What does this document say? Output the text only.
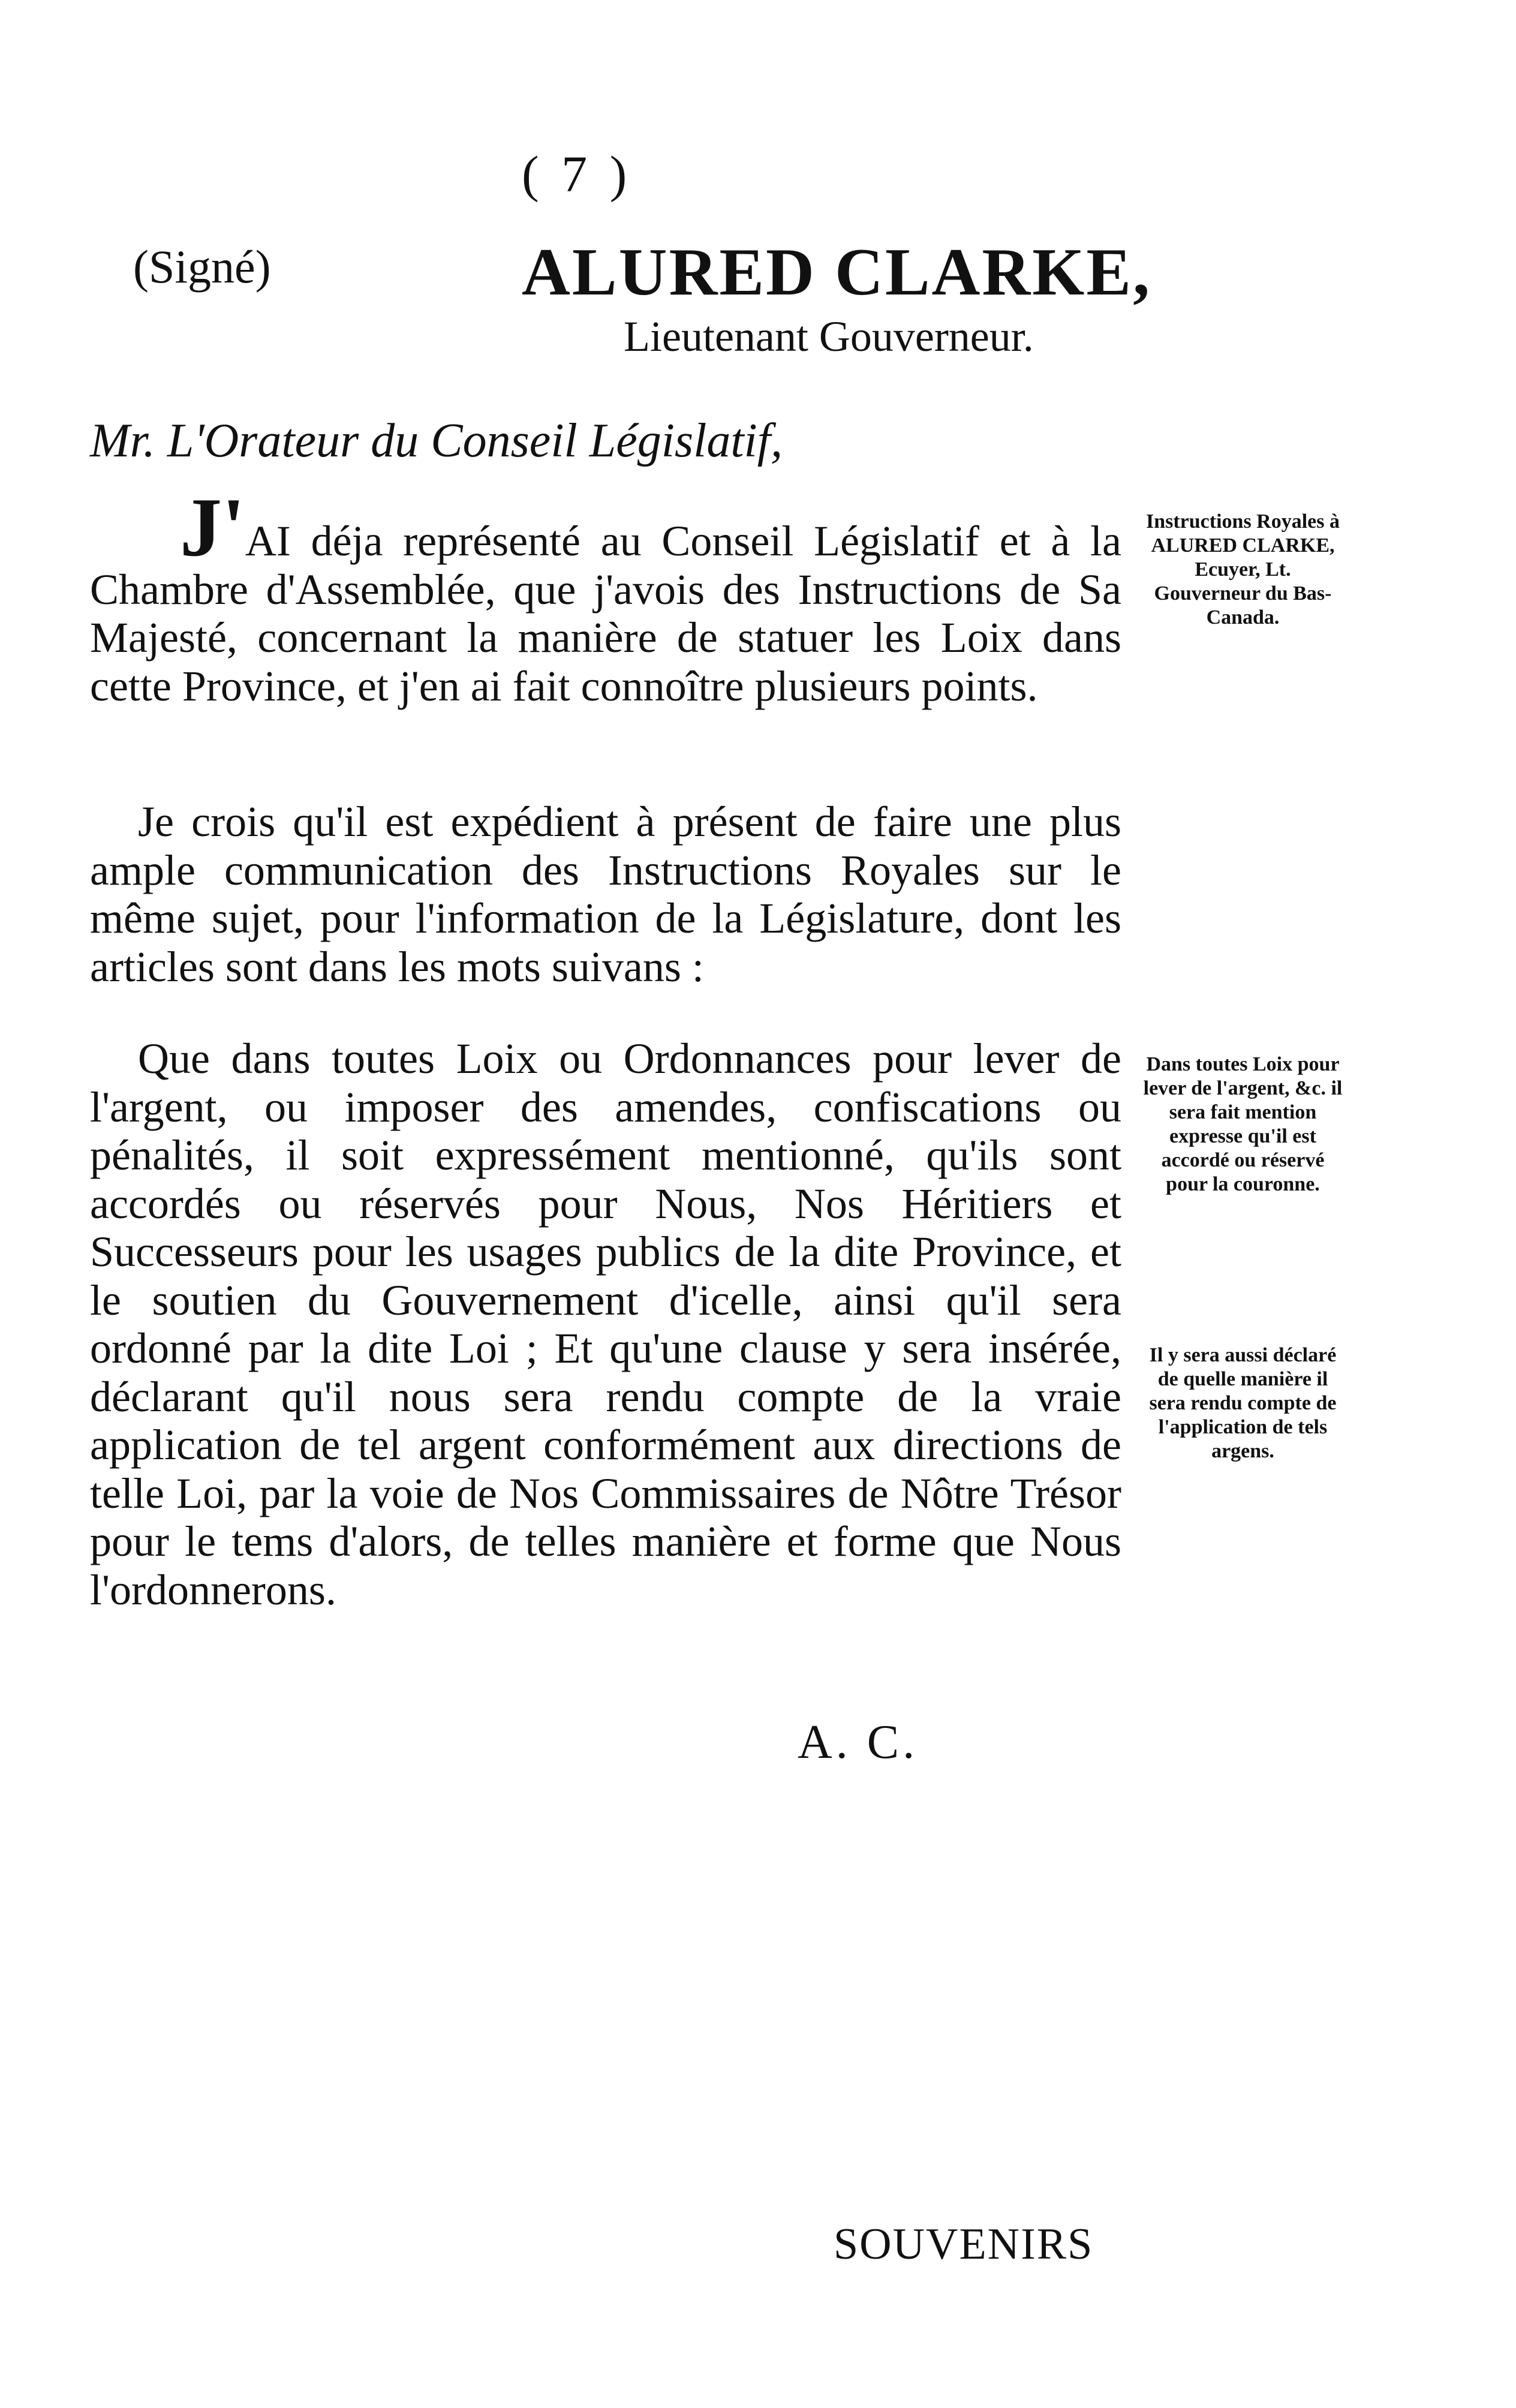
( 7 )
(Signé)	ALURED CLARKE,
Lieutenant Gouverneur.
Mr. L'Orateur du Conseil Législatif,
J'AI déja représenté au Conseil Législatif et à la Chambre d'Assemblée, que j'avois des Instructions de Sa Majesté, concernant la manière de statuer les Loix dans cette Province, et j'en ai fait connoître plusieurs points.
Je crois qu'il est expédient à présent de faire une plus ample communication des Instructions Royales sur le même sujet, pour l'information de la Législature, dont les articles sont dans les mots suivans :
Que dans toutes Loix ou Ordonnances pour lever de l'argent, ou imposer des amendes, confiscations ou pénalités, il soit expressément mentionné, qu'ils sont accordés ou réservés pour Nous, Nos Héritiers et Successeurs pour les usages publics de la dite Province, et le soutien du Gouvernement d'icelle, ainsi qu'il sera ordonné par la dite Loi ; Et qu'une clause y sera insérée, déclarant qu'il nous sera rendu compte de la vraie application de tel argent conformément aux directions de telle Loi, par la voie de Nos Commissaires de Nôtre Trésor pour le tems d'alors, de telles manière et forme que Nous l'ordonnerons.
Instructions Royales à ALURED CLARKE, Ecuyer, Lt. Gouverneur du Bas-Canada.
Dans toutes Loix pour lever de l'argent, &c. il sera fait mention expresse qu'il est accordé ou réservé pour la couronne.
Il y sera aussi déclaré de quelle manière il sera rendu compte de l'application de tels argens.
A. C.
SOUVENIRS
